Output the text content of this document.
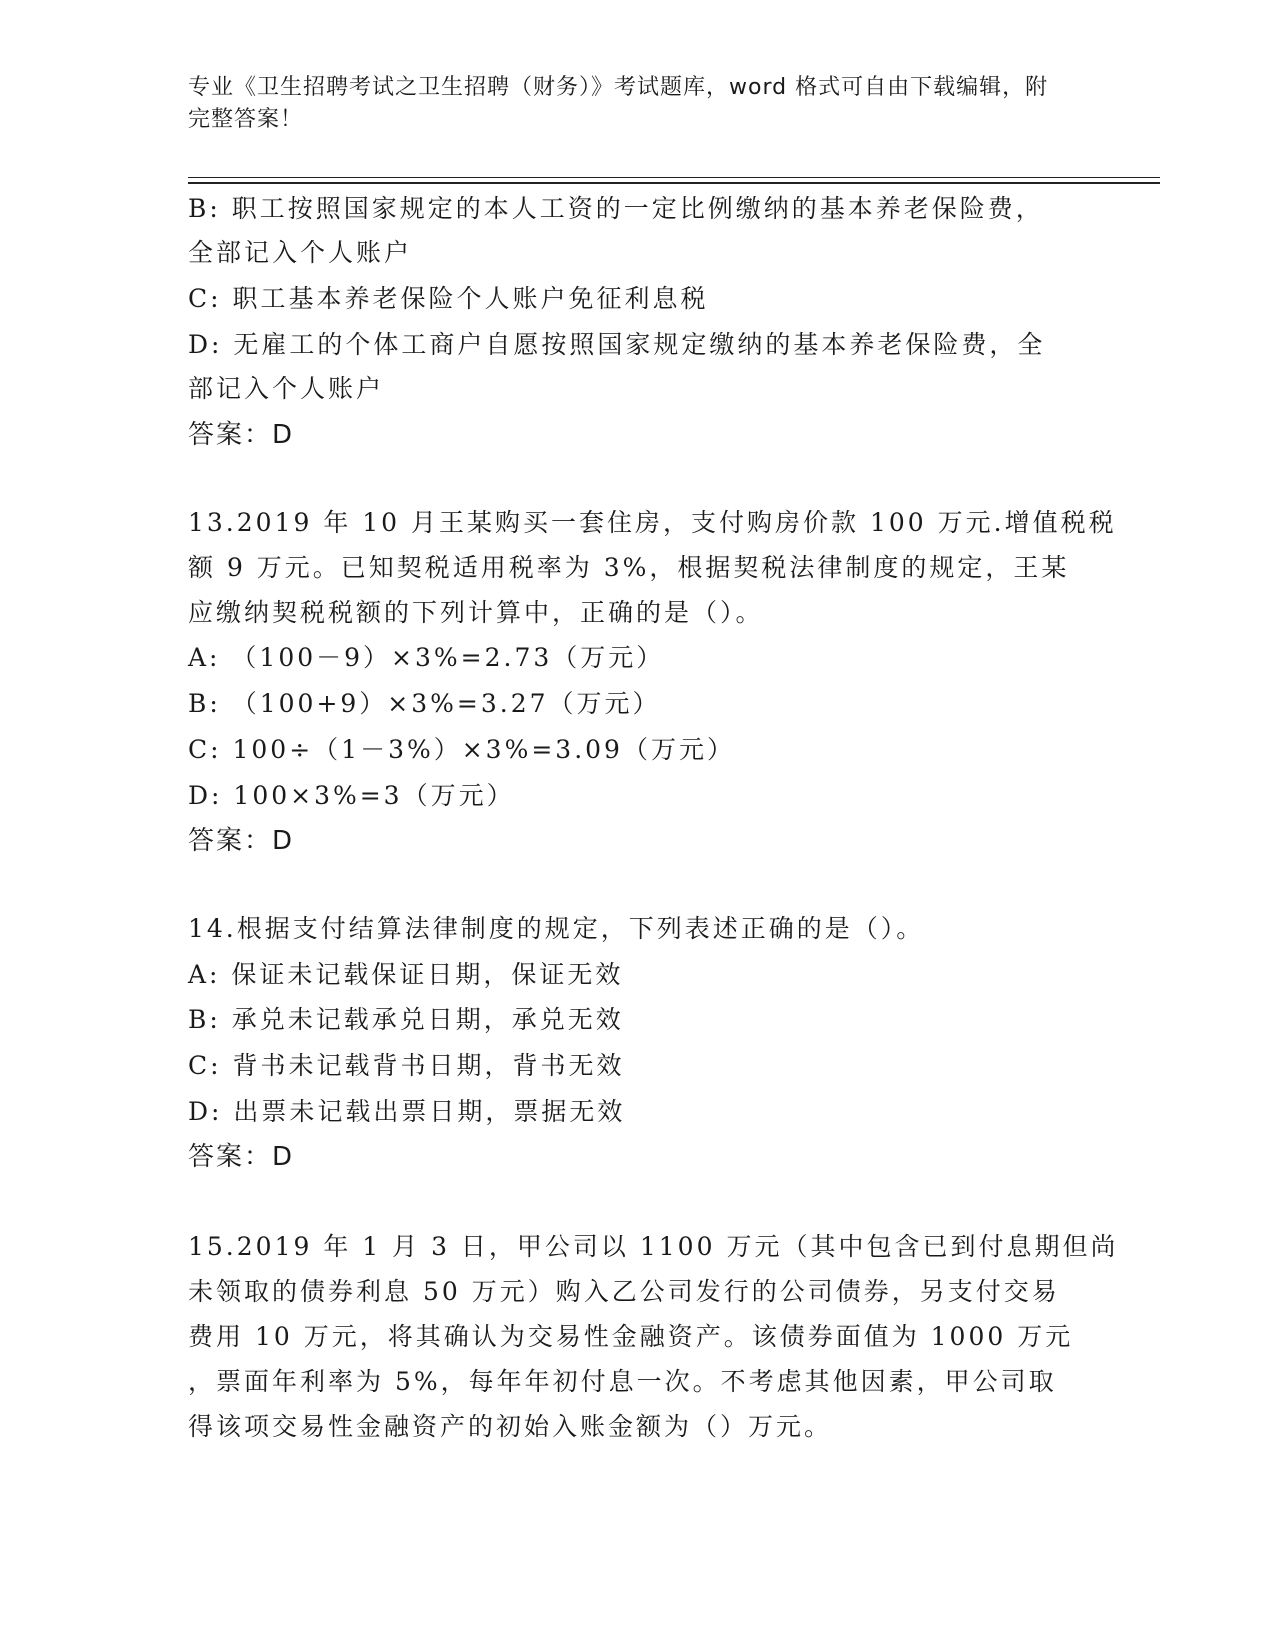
专业《卫生招聘考试之卫生招聘（财务）》考试题库，word 格式可自由下载编辑，附完整答案！
B: 职工按照国家规定的本人工资的一定比例缴纳的基本养老保险费，
全部记入个人账户
C: 职工基本养老保险个人账户免征利息税
D: 无雇工的个体工商户自愿按照国家规定缴纳的基本养老保险费，全
部记入个人账户
答案：D
13.2019 年 10 月王某购买一套住房，支付购房价款 100 万元.增值税税
额 9 万元。已知契税适用税率为 3%，根据契税法律制度的规定，王某
应缴纳契税税额的下列计算中，正确的是（）。
A: （100－9）×3%=2.73（万元）
B: （100+9）×3%=3.27（万元）
C: 100÷（1－3%）×3%=3.09（万元）
D: 100×3%=3（万元）
答案：D
14.根据支付结算法律制度的规定，下列表述正确的是（）。
A: 保证未记载保证日期，保证无效
B: 承兑未记载承兑日期，承兑无效
C: 背书未记载背书日期，背书无效
D: 出票未记载出票日期，票据无效
答案：D
15.2019 年 1 月 3 日，甲公司以 1100 万元（其中包含已到付息期但尚
未领取的债券利息 50 万元）购入乙公司发行的公司债券，另支付交易
费用 10 万元，将其确认为交易性金融资产。该债券面值为 1000 万元
，票面年利率为 5%，每年年初付息一次。不考虑其他因素，甲公司取
得该项交易性金融资产的初始入账金额为（）万元。
